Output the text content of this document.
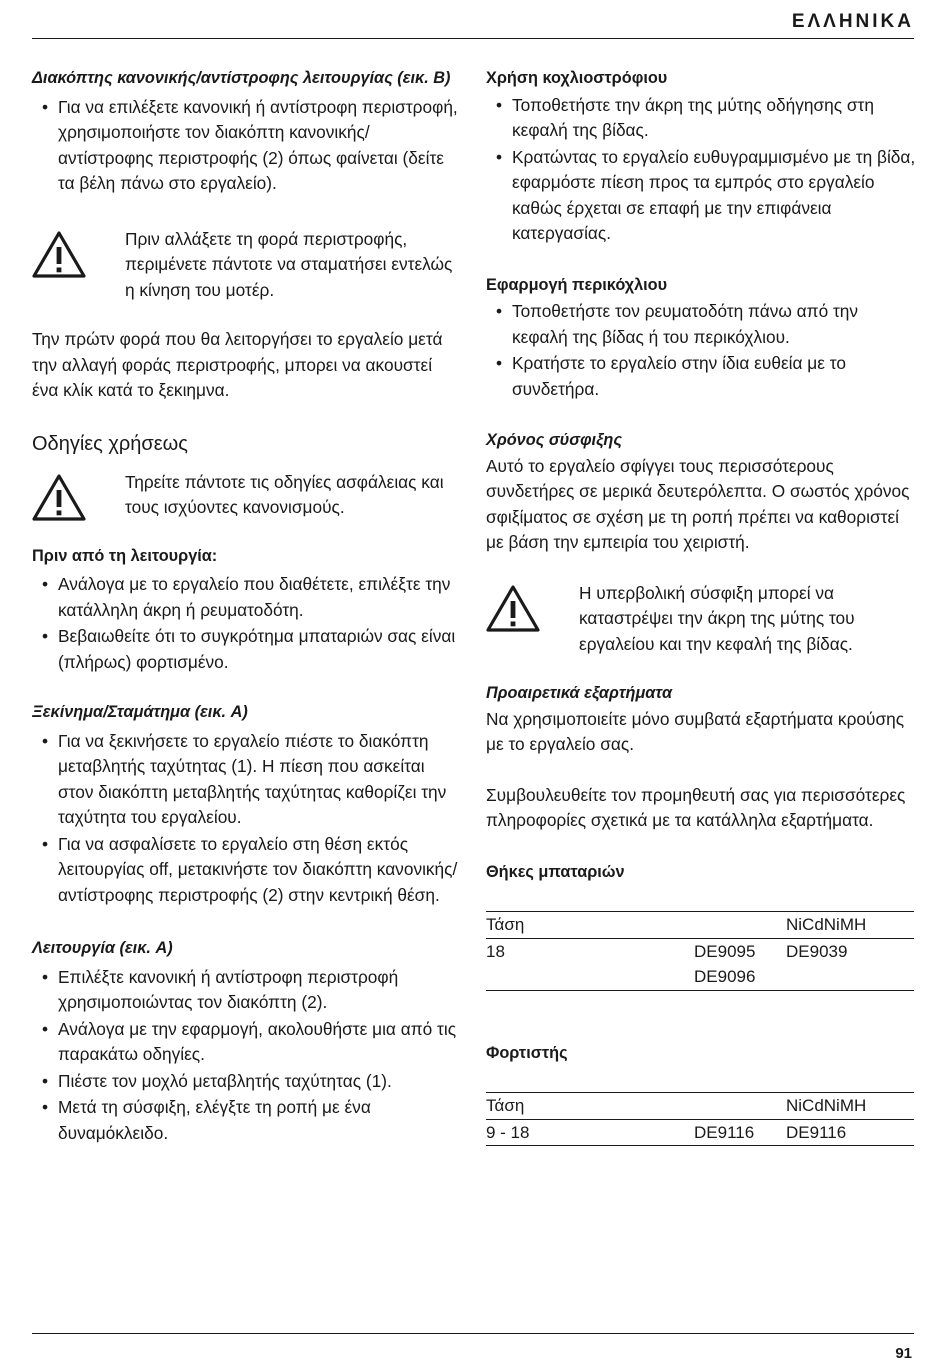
ΕΛΛΗΝΙΚΑ
Διακόπτης κανονικής/αντίστροφης λειτουργίας (εικ. B)
• Για να επιλέξετε κανονική ή αντίστροφη περιστροφή, χρησιμοποιήστε τον διακόπτη κανονικής/αντίστροφης περιστροφής (2) όπως φαίνεται (δείτε τα βέλη πάνω στο εργαλείο).
Πριν αλλάξετε τη φορά περιστροφής, περιμένετε πάντοτε να σταματήσει εντελώς η κίνηση του μοτέρ.

Την πρώτν φορά που θα λειτοργήσει το εργαλείο μετά την αλλαγή φοράς περιστροφής, μπορει να ακουστεί ένα κλίκ κατά το ξεκιημνα.

Οδηγίες χρήσεως
Τηρείτε πάντοτε τις οδηγίες ασφάλειας και τους ισχύοντες κανονισμούς.
Πριν από τη λειτουργία:
• Ανάλογα με το εργαλείο που διαθέτετε, επιλέξτε την κατάλληλη άκρη ή ρευματοδότη.
• Βεβαιωθείτε ότι το συγκρότημα μπαταριών σας είναι (πλήρως) φορτισμένο.
Ξεκίνημα/Σταμάτημα (εικ. A)
• Για να ξεκινήσετε το εργαλείο πιέστε το διακόπτη μεταβλητής ταχύτητας (1). Η πίεση που ασκείται στον διακόπτη μεταβλητής ταχύτητας καθορίζει την ταχύτητα του εργαλείου.
• Για να ασφαλίσετε το εργαλείο στη θέση εκτός λειτουργίας off, μετακινήστε τον διακόπτη κανονικής/αντίστροφης περιστροφής (2) στην κεντρική θέση.
Λειτουργία (εικ. A)
• Επιλέξτε κανονική ή αντίστροφη περιστροφή χρησιμοποιώντας τον διακόπτη (2).
• Ανάλογα με την εφαρμογή, ακολουθήστε μια από τις παρακάτω οδηγίες.
• Πιέστε τον μοχλό μεταβλητής ταχύτητας (1).
• Μετά τη σύσφιξη, ελέγξτε τη ροπή με ένα δυναμόκλειδο.
Χρήση κοχλιοστρόφιου
• Τοποθετήστε την άκρη της μύτης οδήγησης στη κεφαλή της βίδας.
• Κρατώντας το εργαλείο ευθυγραμμισμένο με τη βίδα, εφαρμόστε πίεση προς τα εμπρός στο εργαλείο καθώς έρχεται σε επαφή με την επιφάνεια κατεργασίας.
Εφαρμογή περικόχλιου
• Τοποθετήστε τον ρευματοδότη πάνω από την κεφαλή της βίδας ή του περικόχλιου.
• Κρατήστε το εργαλείο στην ίδια ευθεία με το συνδετήρα.
Χρόνος σύσφιξης

Αυτό το εργαλείο σφίγγει τους περισσότερους συνδετήρες σε μερικά δευτερόλεπτα. Ο σωστός χρόνος σφιξίματος σε σχέση με τη ροπή πρέπει να καθοριστεί με βάση την εμπειρία του χειριστή.

Η υπερβολική σύσφιξη μπορεί να καταστρέψει την άκρη της μύτης του εργαλείου και την κεφαλή της βίδας.
Προαιρετικά εξαρτήματα

Να χρησιμοποιείτε μόνο συμβατά εξαρτήματα κρούσης με το εργαλείο σας.

Συμβουλευθείτε τον προμηθευτή σας για περισσότερες πληροφορίες σχετικά με τα κατάλληλα εξαρτήματα.

Θήκες μπαταριών
Τάση		NiCdNiMH
18	DE9095	DE9039
	DE9096	
Φορτιστής
Τάση		NiCdNiMH
9 - 18	DE9116	DE9116
91
